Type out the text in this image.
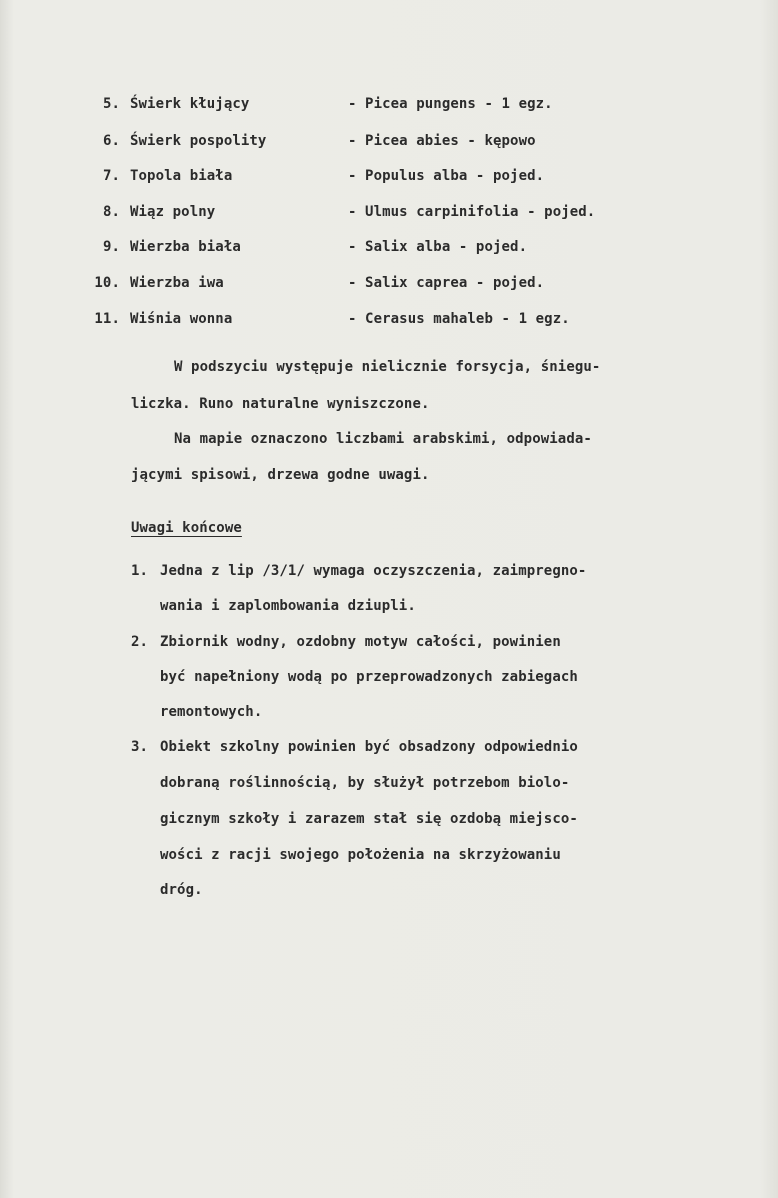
5. Świerk kłujący	- Picea pungens - 1 egz.
6. Świerk pospolity	- Picea abies - kępowo
7. Topola biała	- Populus alba - pojed.
8. Wiąz polny	- Ulmus carpinifolia - pojed.
9. Wierzba biała	- Salix alba - pojed.
10. Wierzba iwa	- Salix caprea - pojed.
11. Wiśnia wonna	- Cerasus mahaleb - 1 egz.
W podszyciu występuje nielicznie forsycja, śniegu-
liczka. Runo naturalne wyniszczone.
Na mapie oznaczono liczbami arabskimi, odpowiada-
jącymi spisowi, drzewa godne uwagi.
Uwagi końcowe
1. Jedna z lip /3/1/ wymaga oczyszczenia, zaimpregno-
wania i zaplombowania dziupli.
2. Zbiornik wodny, ozdobny motyw całości, powinien
być napełniony wodą po przeprowadzonych zabiegach
remontowych.
3. Obiekt szkolny powinien być obsadzony odpowiednio
dobraną roślinnością, by służył potrzebom biolo-
gicznym szkoły i zarazem stał się ozdobą miejsco-
wości z racji swojego położenia na skrzyżowaniu
dróg.
